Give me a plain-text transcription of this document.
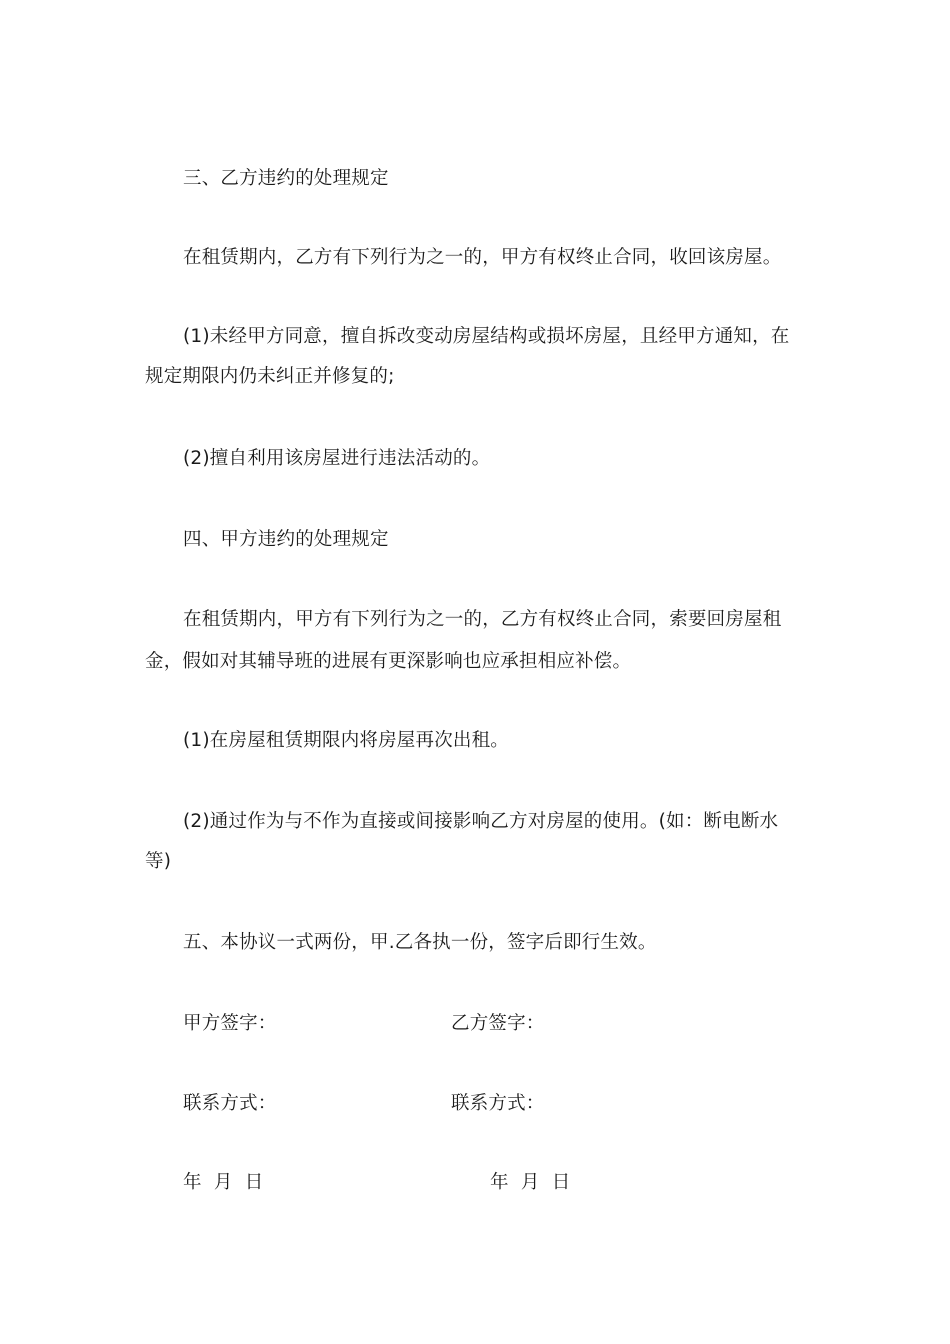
三、乙方违约的处理规定
在租赁期内，乙方有下列行为之一的，甲方有权终止合同，收回该房屋。
(1)未经甲方同意，擅自拆改变动房屋结构或损坏房屋，且经甲方通知，在
规定期限内仍未纠正并修复的;
(2)擅自利用该房屋进行违法活动的。
四、甲方违约的处理规定
在租赁期内，甲方有下列行为之一的，乙方有权终止合同，索要回房屋租
金，假如对其辅导班的进展有更深影响也应承担相应补偿。
(1)在房屋租赁期限内将房屋再次出租。
(2)通过作为与不作为直接或间接影响乙方对房屋的使用。(如：断电断水
等)
五、本协议一式两份，甲.乙各执一份，签字后即行生效。
甲方签字：	乙方签字：
联系方式：	联系方式：
年  月  日	年  月  日
